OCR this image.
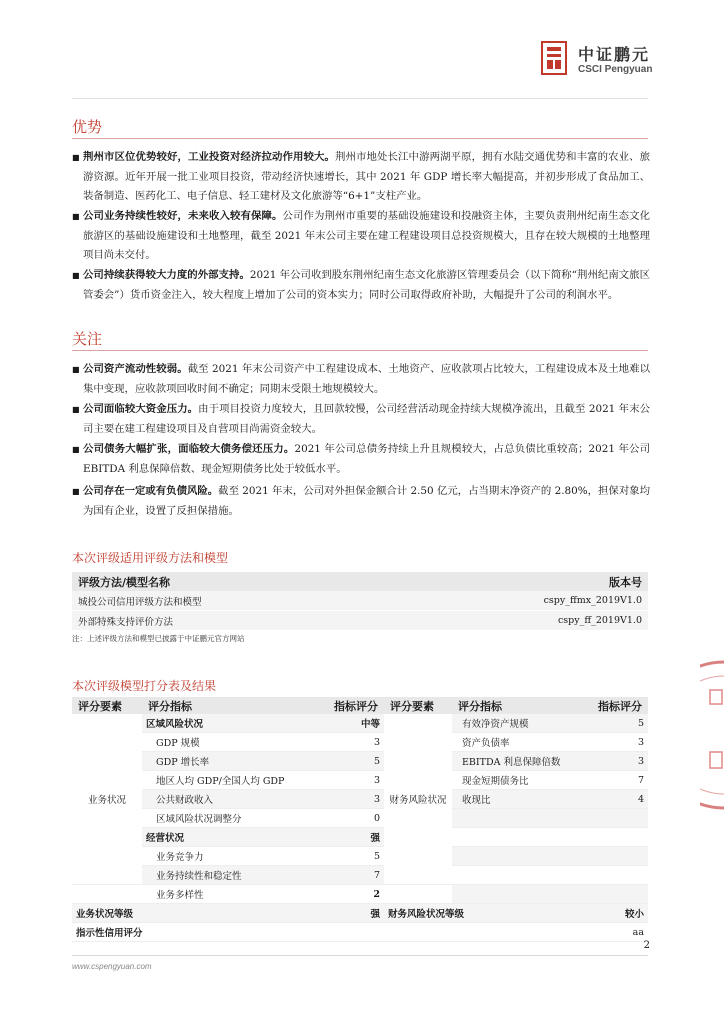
中证鹏元
CSCI Pengyuan
优势
■ 荆州市区位优势较好，工业投资对经济拉动作用较大。荆州市地处长江中游两湖平原，拥有水陆交通优势和丰富的农业、旅游资源。近年开展一批工业项目投资，带动经济快速增长，其中 2021 年 GDP 增长率大幅提高，并初步形成了食品加工、装备制造、医药化工、电子信息、轻工建材及文化旅游等“6+1”支柱产业。
■ 公司业务持续性较好，未来收入较有保障。公司作为荆州市重要的基础设施建设和投融资主体，主要负责荆州纪南生态文化旅游区的基础设施建设和土地整理，截至 2021 年末公司主要在建工程建设项目总投资规模大，且存在较大规模的土地整理项目尚未交付。
■ 公司持续获得较大力度的外部支持。2021 年公司收到股东荆州纪南生态文化旅游区管理委员会（以下简称“荆州纪南文旅区管委会”）货币资金注入，较大程度上增加了公司的资本实力；同时公司取得政府补助，大幅提升了公司的利润水平。
关注
■ 公司资产流动性较弱。截至 2021 年末公司资产中工程建设成本、土地资产、应收款项占比较大，工程建设成本及土地难以集中变现，应收款项回收时间不确定；同期末受限土地规模较大。
■ 公司面临较大资金压力。由于项目投资力度较大，且回款较慢，公司经营活动现金持续大规模净流出，且截至 2021 年末公司主要在建工程建设项目及自营项目尚需资金较大。
■ 公司债务大幅扩张，面临较大债务偿还压力。2021 年公司总债务持续上升且规模较大，占总负债比重较高；2021 年公司 EBITDA 利息保障倍数、现金短期债务比处于较低水平。
■ 公司存在一定或有负债风险。截至 2021 年末，公司对外担保金额合计 2.50 亿元，占当期末净资产的 2.80%，担保对象均为国有企业，设置了反担保措施。
本次评级适用评级方法和模型
评级方法/模型名称	版本号
城投公司信用评级方法和模型	cspy_ffmx_2019V1.0
外部特殊支持评价方法	cspy_ff_2019V1.0
注：上述评级方法和模型已披露于中证鹏元官方网站
本次评级模型打分表及结果
评分要素	评分指标	指标评分	评分要素	评分指标	指标评分
业务状况	区域风险状况	中等	财务风险状况	有效净资产规模	5
	GDP 规模	3		资产负债率	3
	GDP 增长率	5		EBITDA 利息保障倍数	3
	地区人均 GDP/全国人均 GDP	3		现金短期债务比	7
	公共财政收入	3		收现比	4
	区域风险状况调整分	0			
	经营状况	强			
	业务竞争力	5			
	业务持续性和稳定性	7			
	业务多样性	2			
业务状况等级		强	财务风险状况等级		较小
指示性信用评分					aa
2
www.cspengyuan.com
